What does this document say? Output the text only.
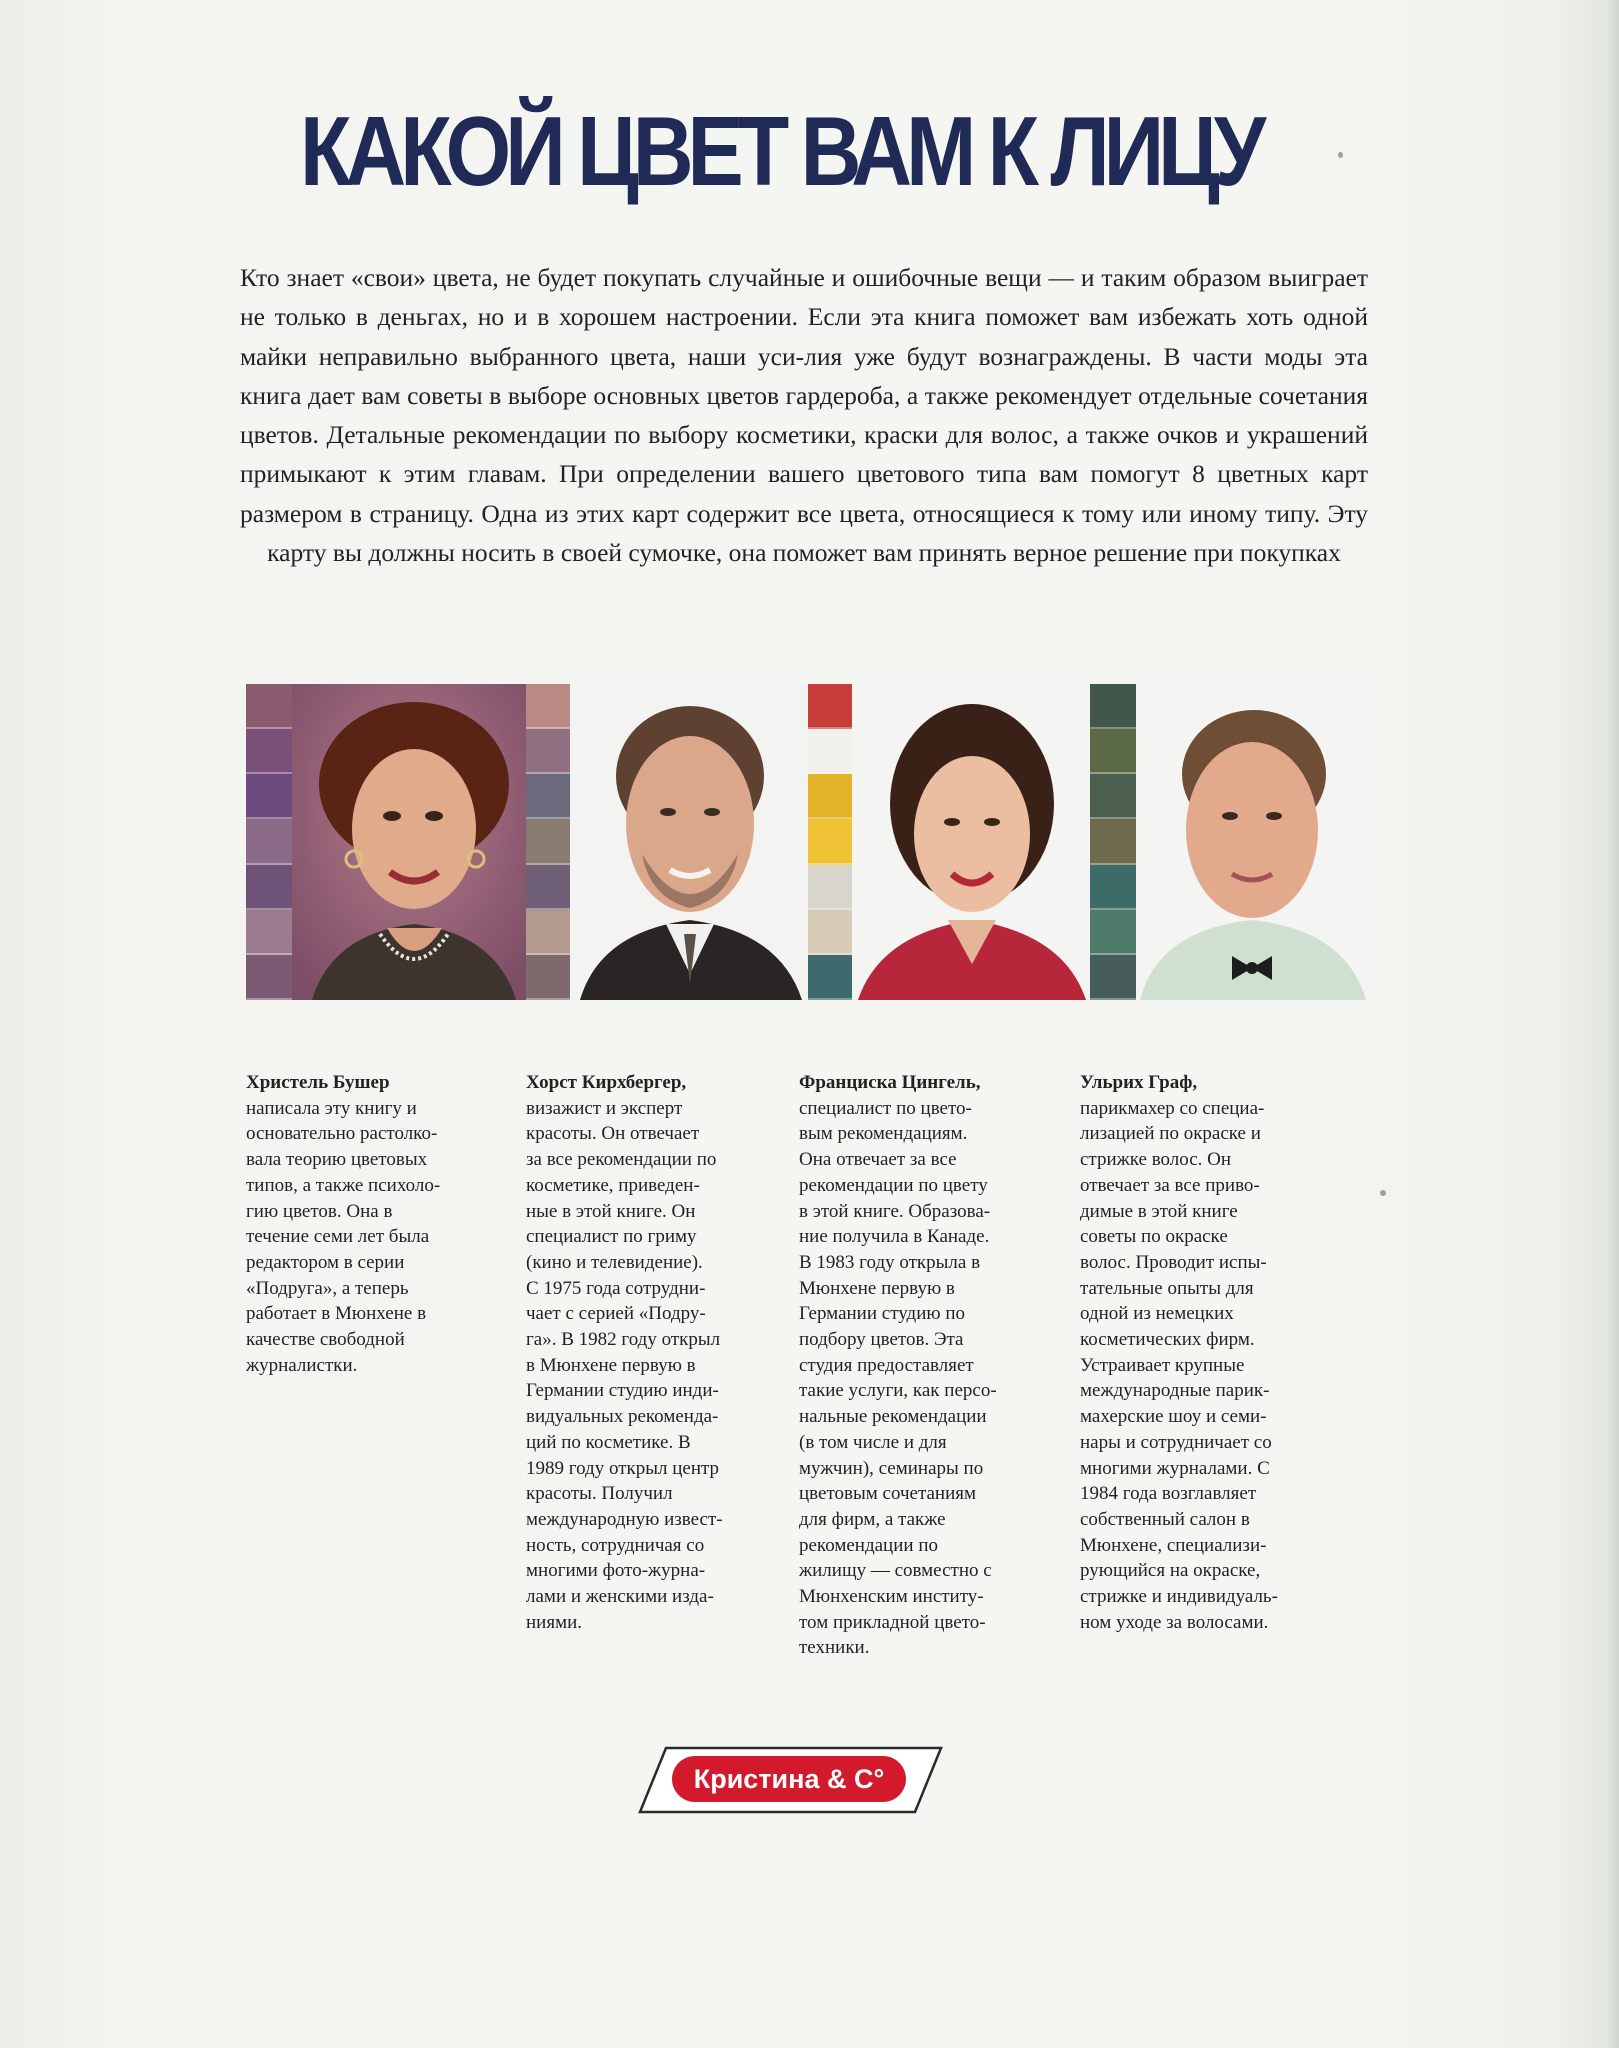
КАКОЙ ЦВЕТ ВАМ К ЛИЦУ
Кто знает «свои» цвета, не будет покупать случайные и ошибочные вещи — и таким образом выиграет не только в деньгах, но и в хорошем настроении. Если эта книга поможет вам избежать хоть одной майки неправильно выбранного цвета, наши уси-лия уже будут вознаграждены. В части моды эта книга дает вам советы в выборе основных цветов гардероба, а также рекомендует отдельные сочетания цветов. Детальные рекомендации по выбору косметики, краски для волос, а также очков и украшений примыкают к этим главам. При определении вашего цветового типа вам помогут 8 цветных карт размером в страницу. Одна из этих карт содержит все цвета, относящиеся к тому или иному типу. Эту карту вы должны носить в своей сумочке, она поможет вам принять верное решение при покупках
Христель Бушер
написала эту книгу и
основательно растолко-
вала теорию цветовых
типов, а также психоло-
гию цветов. Она в
течение семи лет была
редактором в серии
«Подруга», а теперь
работает в Мюнхене в
качестве свободной
журналистки.
Хорст Кирхбергер,
визажист и эксперт
красоты. Он отвечает
за все рекомендации по
косметике, приведен-
ные в этой книге. Он
специалист по гриму
(кино и телевидение).
С 1975 года сотрудни-
чает с серией «Подру-
га». В 1982 году открыл
в Мюнхене первую в
Германии студию инди-
видуальных рекоменда-
ций по косметике. В
1989 году открыл центр
красоты. Получил
международную извест-
ность, сотрудничая со
многими фото-журна-
лами и женскими изда-
ниями.
Франциска Цингель,
специалист по цвето-
вым рекомендациям.
Она отвечает за все
рекомендации по цвету
в этой книге. Образова-
ние получила в Канаде.
В 1983 году открыла в
Мюнхене первую в
Германии студию по
подбору цветов. Эта
студия предоставляет
такие услуги, как персо-
нальные рекомендации
(в том числе и для
мужчин), семинары по
цветовым сочетаниям
для фирм, а также
рекомендации по
жилищу — совместно с
Мюнхенским институ-
том прикладной цвето-
техники.
Ульрих Граф,
парикмахер со специа-
лизацией по окраске и
стрижке волос. Он
отвечает за все приво-
димые в этой книге
советы по окраске
волос. Проводит испы-
тательные опыты для
одной из немецких
косметических фирм.
Устраивает крупные
международные парик-
махерские шоу и семи-
нары и сотрудничает со
многими журналами. С
1984 года возглавляет
собственный салон в
Мюнхене, специализи-
рующийся на окраске,
стрижке и индивидуаль-
ном уходе за волосами.
Кристина & C°
